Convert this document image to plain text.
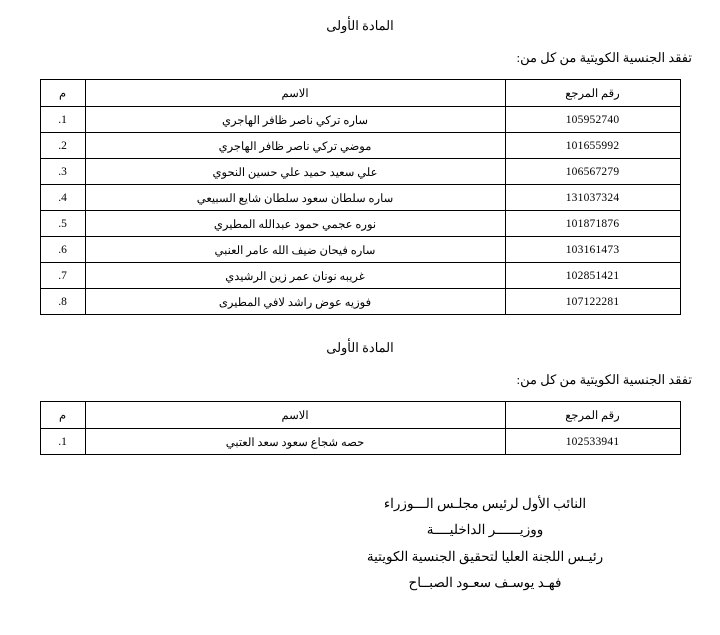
المادة الأولى
تفقد الجنسية الكويتية من كل من:
رقم المرجع	الاسم	م
105952740	ساره تركي ناصر ظافر الهاجري	1.
101655992	موضي تركي ناصر ظافر الهاجري	2.
106567279	علي سعيد حميد علي حسين النحوي	3.
131037324	ساره سلطان سعود سلطان شايع السبيعي	4.
101871876	نوره عجمي حمود عبدالله المطيري	5.
103161473	ساره فيحان ضيف الله عامر العنبي	6.
102851421	غريبه نونان عمر زين الرشيدي	7.
107122281	فوزيه عوض راشد لافي المطيرى	8.
المادة الأولى
تفقد الجنسية الكويتية من كل من:
رقم المرجع	الاسم	م
102533941	حصه شجاع سعود سعد العتبي	1.
النائب الأول لرئيس مجلـس الـــوزراء
ووزيــــــر الداخليــــة
رئيـس اللجنة العليا لتحقيق الجنسية الكويتية
فهـد يوسـف سعـود الصبــاح
